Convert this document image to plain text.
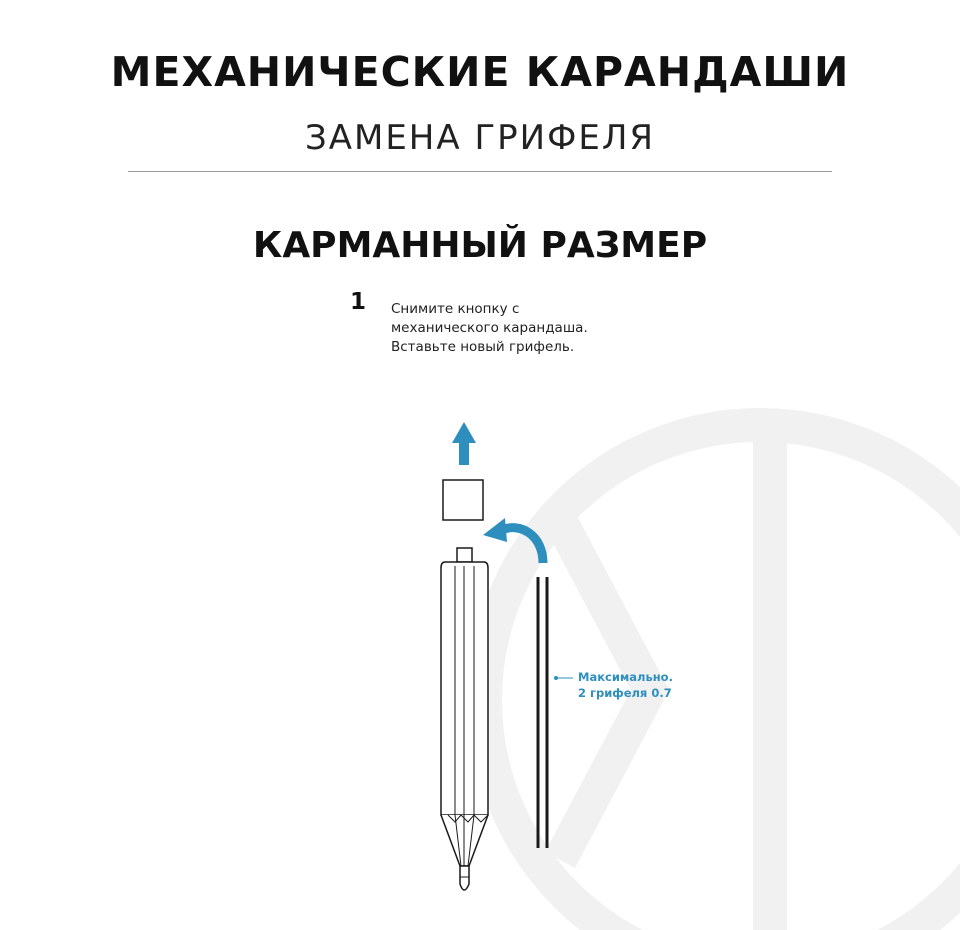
МЕХАНИЧЕСКИЕ КАРАНДАШИ
ЗАМЕНА ГРИФЕЛЯ
КАРМАННЫЙ РАЗМЕР
1 Снимите кнопку с
механического карандаша.
Вставьте новый грифель.
Максимально.
2 грифеля 0.7
